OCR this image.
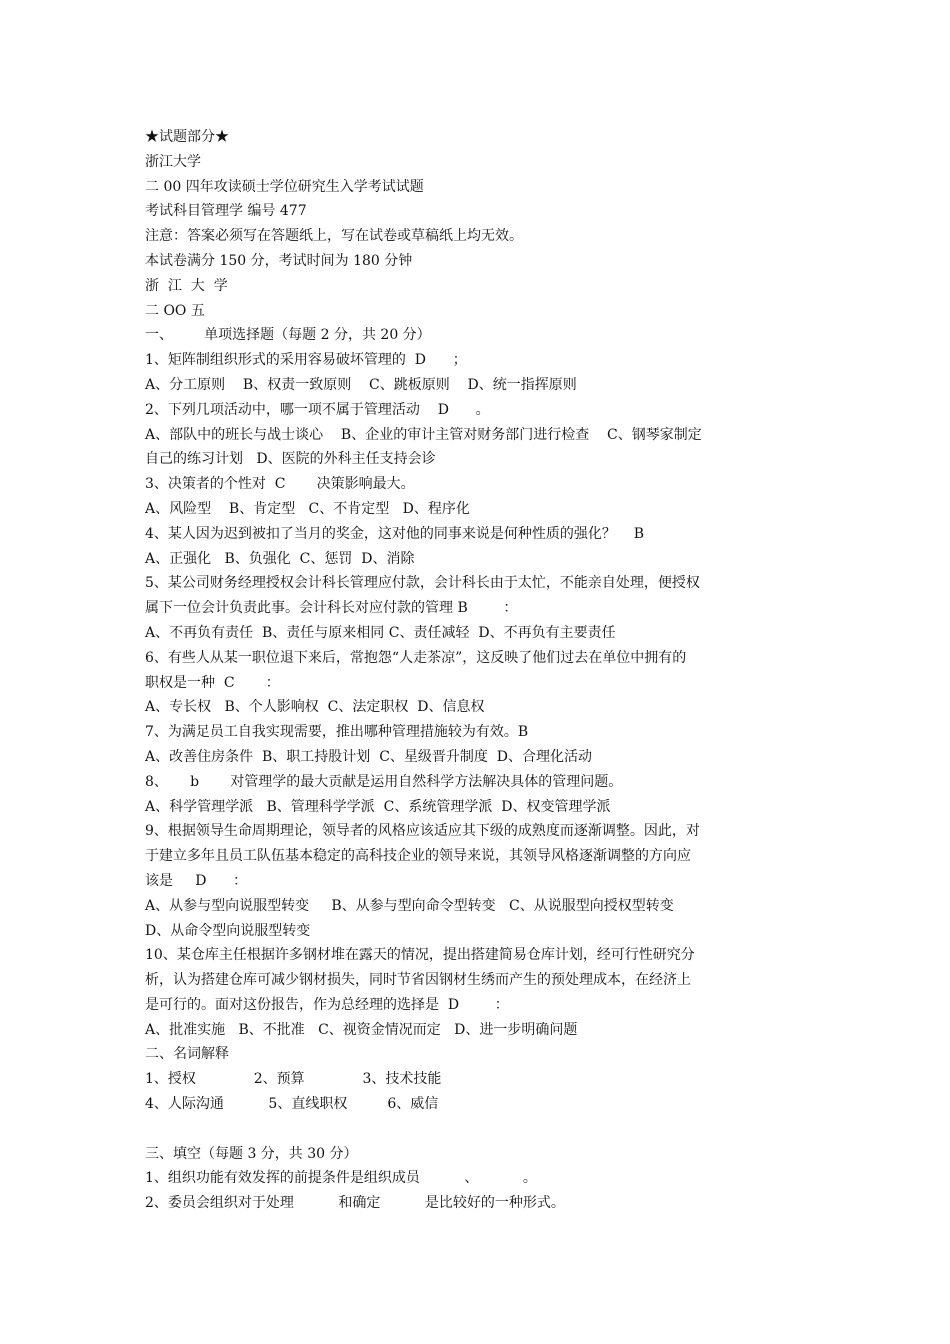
★试题部分★
浙江大学
二 00 四年攻读硕士学位研究生入学考试试题
考试科目管理学 编号 477
注意：答案必须写在答题纸上，写在试卷或草稿纸上均无效。
本试卷满分 150 分，考试时间为 180 分钟
浙  江  大  学
二 OO 五
一、       单项选择题（每题 2 分，共 20 分）
1、矩阵制组织形式的采用容易破坏管理的  D      ；
A、分工原则    B、权责一致原则    C、跳板原则    D、统一指挥原则
2、下列几项活动中，哪一项不属于管理活动    D      。
A、部队中的班长与战士谈心    B、企业的审计主管对财务部门进行检查    C、钢琴家制定
自己的练习计划   D、医院的外科主任支持会诊
3、决策者的个性对  C       决策影响最大。
A、风险型    B、肯定型   C、不肯定型   D、程序化
4、某人因为迟到被扣了当月的奖金，这对他的同事来说是何种性质的强化？    B
A、正强化   B、负强化  C、惩罚  D、消除
5、某公司财务经理授权会计科长管理应付款，会计科长由于太忙，不能亲自处理，便授权
属下一位会计负责此事。会计科长对应付款的管理 B        ：
A、不再负有责任  B、责任与原来相同 C、责任减轻  D、不再负有主要责任
6、有些人从某一职位退下来后，常抱怨“人走茶凉”，这反映了他们过去在单位中拥有的
职权是一种  C       ：
A、专长权   B、个人影响权  C、法定职权  D、信息权
7、为满足员工自我实现需要，推出哪种管理措施较为有效。B
A、改善住房条件  B、职工持股计划  C、星级晋升制度  D、合理化活动
8、     b       对管理学的最大贡献是运用自然科学方法解决具体的管理问题。
A、科学管理学派   B、管理科学学派  C、系统管理学派  D、权变管理学派
9、根据领导生命周期理论，领导者的风格应该适应其下级的成熟度而逐渐调整。因此，对
于建立多年且员工队伍基本稳定的高科技企业的领导来说，其领导风格逐渐调整的方向应
该是     D      ：
A、从参与型向说服型转变     B、从参与型向命令型转变   C、从说服型向授权型转变
D、从命令型向说服型转变
10、某仓库主任根据许多钢材堆在露天的情况，提出搭建简易仓库计划，经可行性研究分
析，认为搭建仓库可减少钢材损失，同时节省因钢材生绣而产生的预处理成本，在经济上
是可行的。面对这份报告，作为总经理的选择是  D        ：
A、批准实施   B、不批准   C、视资金情况而定   D、进一步明确问题
二、名词解释
1、授权             2、预算             3、技术技能
4、人际沟通          5、直线职权         6、威信
三、填空（每题 3 分，共 30 分）
1、组织功能有效发挥的前提条件是组织成员          、          。
2、委员会组织对于处理          和确定          是比较好的一种形式。
